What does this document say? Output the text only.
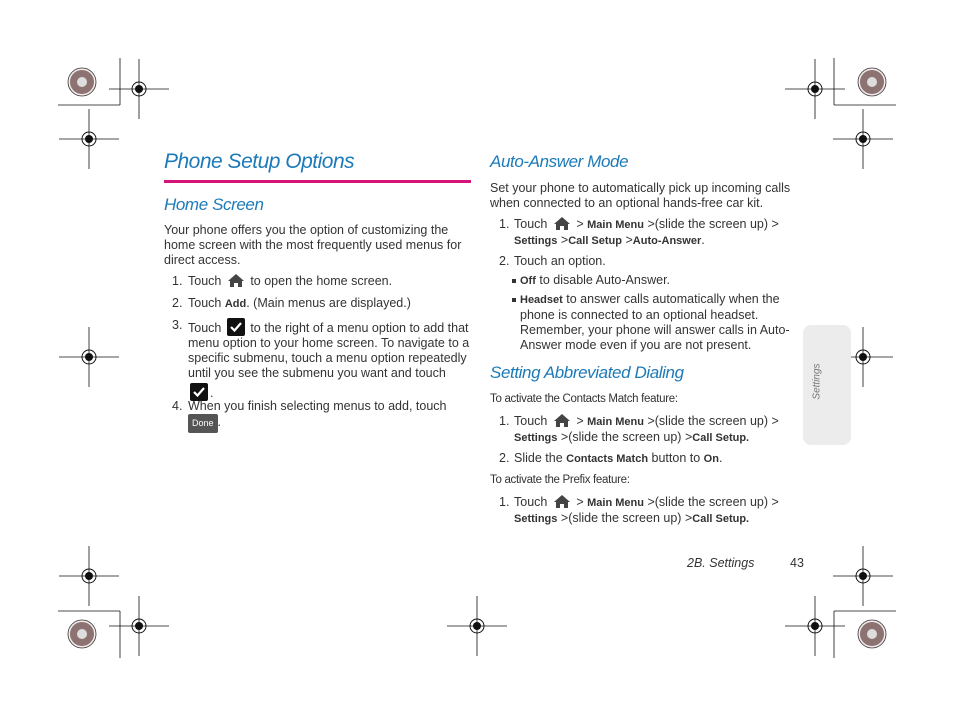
Phone Setup Options
Home Screen
Your phone offers you the option of customizing the home screen with the most frequently used menus for direct access.
1. Touch to open the home screen.
2. Touch Add. (Main menus are displayed.)
3. Touch to the right of a menu option to add that menu option to your home screen. To navigate to a specific submenu, touch a menu option repeatedly until you see the submenu you want and touch

.
4. When you finish selecting menus to add, touch
Done .
Auto-Answer Mode
Set your phone to automatically pick up incoming calls when connected to an optional hands-free car kit.
1. Touch > Main Menu >(slide the screen up) > Settings >Call Setup >Auto-Answer.
2. Touch an option.
Off to disable Auto-Answer.
Headset to answer calls automatically when the phone is connected to an optional headset. Remember, your phone will answer calls in Auto-Answer mode even if you are not present.
Setting Abbreviated Dialing
To activate the Contacts Match feature:
1. Touch > Main Menu >(slide the screen up) > Settings >(slide the screen up) >Call Setup.
2. Slide the Contacts Match button to On.
To activate the Prefix feature:
1. Touch > Main Menu >(slide the screen up) > Settings >(slide the screen up) >Call Setup.
Settings
2B. Settings	43
